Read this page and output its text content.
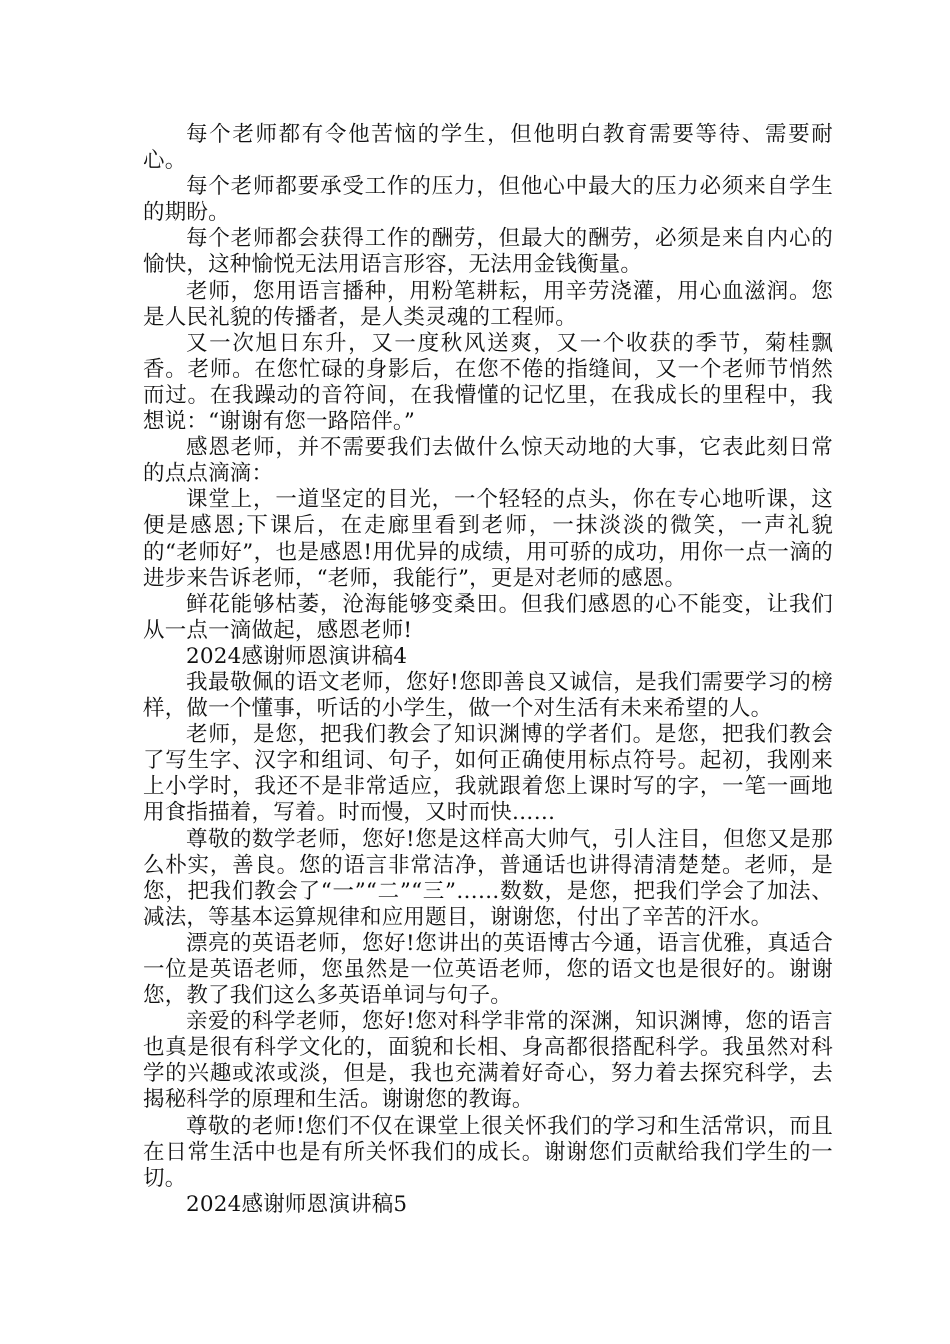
每个老师都有令他苦恼的学生，但他明白教育需要等待、需要耐心。

每个老师都要承受工作的压力，但他心中最大的压力必须来自学生的期盼。

每个老师都会获得工作的酬劳，但最大的酬劳，必须是来自内心的愉快，这种愉悦无法用语言形容，无法用金钱衡量。

老师，您用语言播种，用粉笔耕耘，用辛劳浇灌，用心血滋润。您是人民礼貌的传播者，是人类灵魂的工程师。

又一次旭日东升，又一度秋风送爽，又一个收获的季节，菊桂飘香。老师。在您忙碌的身影后，在您不倦的指缝间，又一个老师节悄然而过。在我躁动的音符间，在我懵懂的记忆里，在我成长的里程中，我想说：“谢谢有您一路陪伴。”

感恩老师，并不需要我们去做什么惊天动地的大事，它表此刻日常的点点滴滴：

课堂上，一道坚定的目光，一个轻轻的点头，你在专心地听课，这便是感恩;下课后，在走廊里看到老师，一抹淡淡的微笑，一声礼貌的“老师好”，也是感恩!用优异的成绩，用可骄的成功，用你一点一滴的进步来告诉老师，“老师，我能行”，更是对老师的感恩。

鲜花能够枯萎，沧海能够变桑田。但我们感恩的心不能变，让我们从一点一滴做起，感恩老师!

2024感谢师恩演讲稿4

我最敬佩的语文老师，您好!您即善良又诚信，是我们需要学习的榜样，做一个懂事，听话的小学生，做一个对生活有未来希望的人。

老师，是您，把我们教会了知识渊博的学者们。是您，把我们教会了写生字、汉字和组词、句子，如何正确使用标点符号。起初，我刚来上小学时，我还不是非常适应，我就跟着您上课时写的字，一笔一画地用食指描着，写着。时而慢，又时而快……

尊敬的数学老师，您好!您是这样高大帅气，引人注目，但您又是那么朴实，善良。您的语言非常洁净，普通话也讲得清清楚楚。老师，是您，把我们教会了“一”“二”“三”……数数，是您，把我们学会了加法、减法，等基本运算规律和应用题目，谢谢您，付出了辛苦的汗水。

漂亮的英语老师，您好!您讲出的英语博古今通，语言优雅，真适合一位是英语老师，您虽然是一位英语老师，您的语文也是很好的。谢谢您，教了我们这么多英语单词与句子。

亲爱的科学老师，您好!您对科学非常的深渊，知识渊博，您的语言也真是很有科学文化的，面貌和长相、身高都很搭配科学。我虽然对科学的兴趣或浓或淡，但是，我也充满着好奇心，努力着去探究科学，去揭秘科学的原理和生活。谢谢您的教诲。

尊敬的老师!您们不仅在课堂上很关怀我们的学习和生活常识，而且在日常生活中也是有所关怀我们的成长。谢谢您们贡献给我们学生的一切。

2024感谢师恩演讲稿5
